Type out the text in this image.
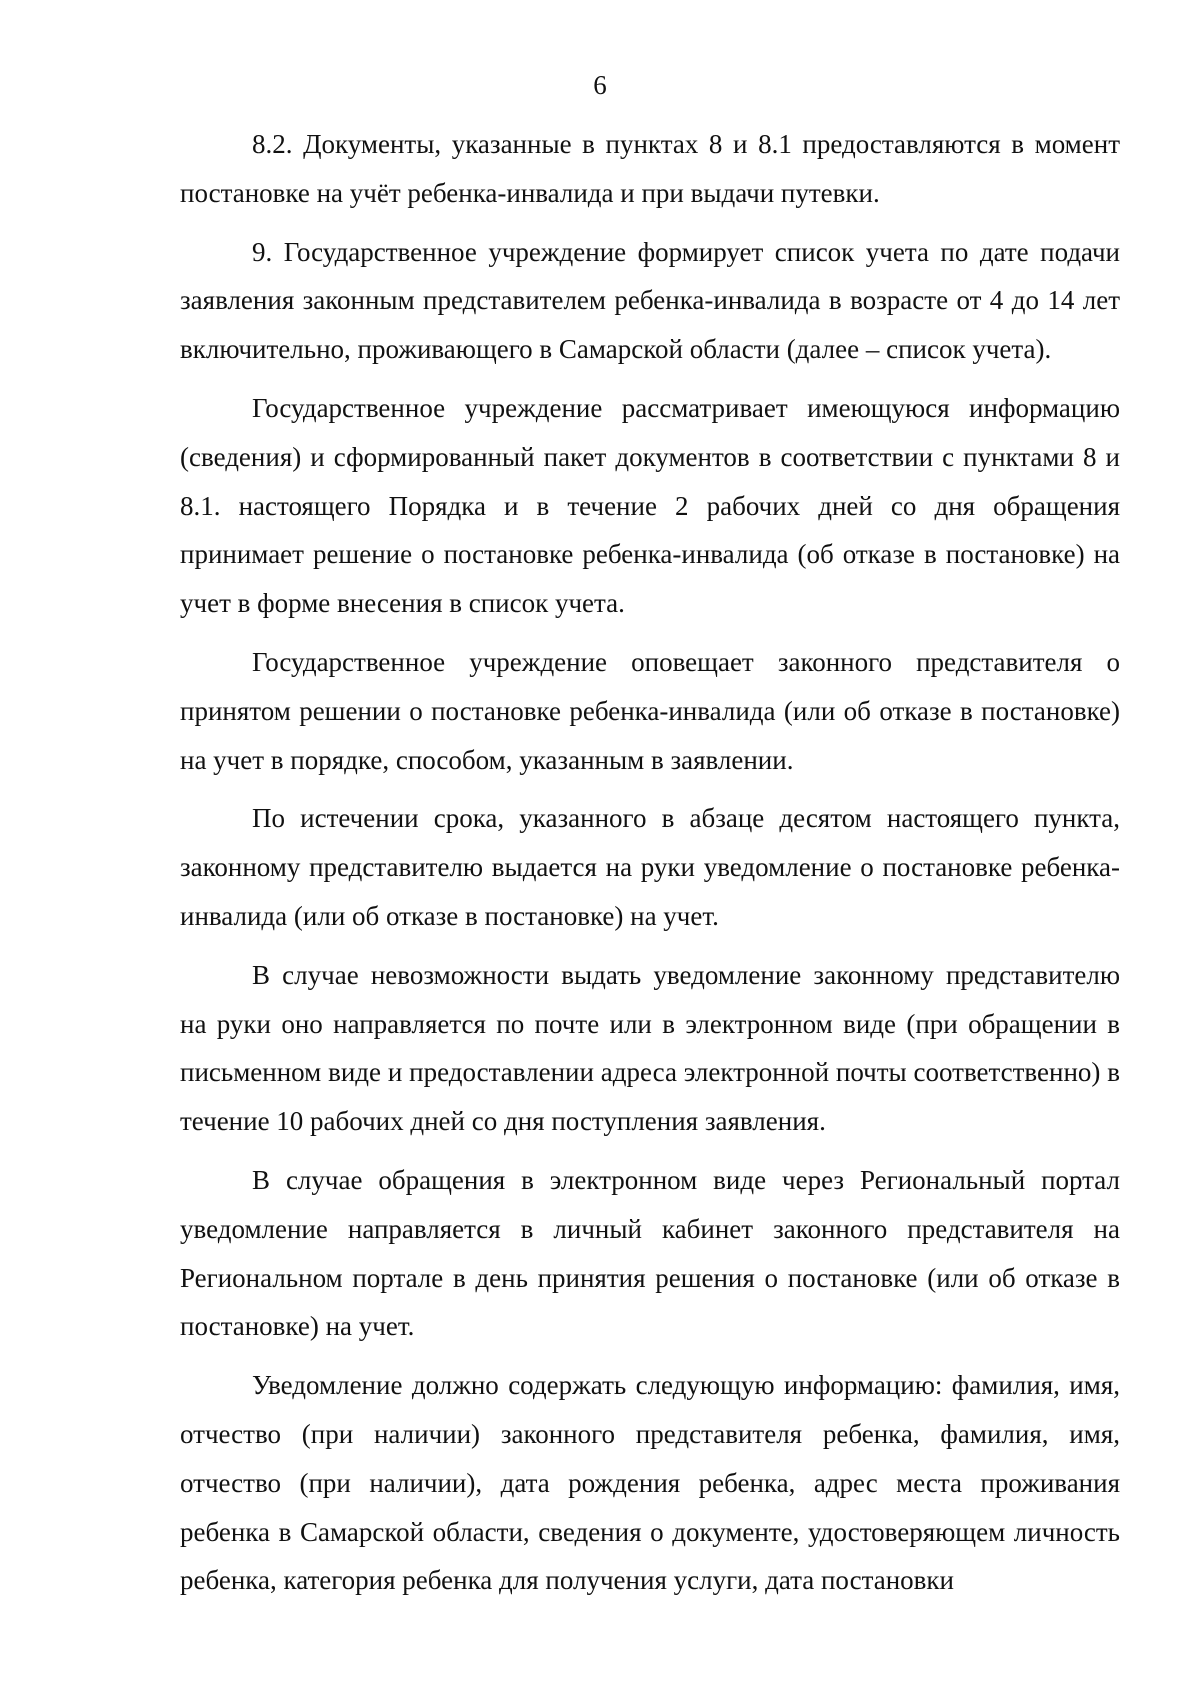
6

8.2. Документы, указанные в пунктах 8 и 8.1 предоставляются в момент постановке на учёт ребенка-инвалида и при выдачи путевки.

9. Государственное учреждение формирует список учета по дате подачи заявления законным представителем ребенка-инвалида в возрасте от 4 до 14 лет включительно, проживающего в Самарской области (далее – список учета).

Государственное учреждение рассматривает имеющуюся информацию (сведения) и сформированный пакет документов в соответствии с пунктами 8 и 8.1. настоящего Порядка и в течение 2 рабочих дней со дня обращения принимает решение о постановке ребенка-инвалида (об отказе в постановке) на учет в форме внесения в список учета.

Государственное учреждение оповещает законного представителя о принятом решении о постановке ребенка-инвалида (или об отказе в постановке) на учет в порядке, способом, указанным в заявлении.

По истечении срока, указанного в абзаце десятом настоящего пункта, законному представителю выдается на руки уведомление о постановке ребенка-инвалида (или об отказе в постановке) на учет.

В случае невозможности выдать уведомление законному представителю на руки оно направляется по почте или в электронном виде (при обращении в письменном виде и предоставлении адреса электронной почты соответственно) в течение 10 рабочих дней со дня поступления заявления.

В случае обращения в электронном виде через Региональный портал уведомление направляется в личный кабинет законного представителя на Региональном портале в день принятия решения о постановке (или об отказе в постановке) на учет.

Уведомление должно содержать следующую информацию: фамилия, имя, отчество (при наличии) законного представителя ребенка, фамилия, имя, отчество (при наличии), дата рождения ребенка, адрес места проживания ребенка в Самарской области, сведения о документе, удостоверяющем личность ребенка, категория ребенка для получения услуги, дата постановки
